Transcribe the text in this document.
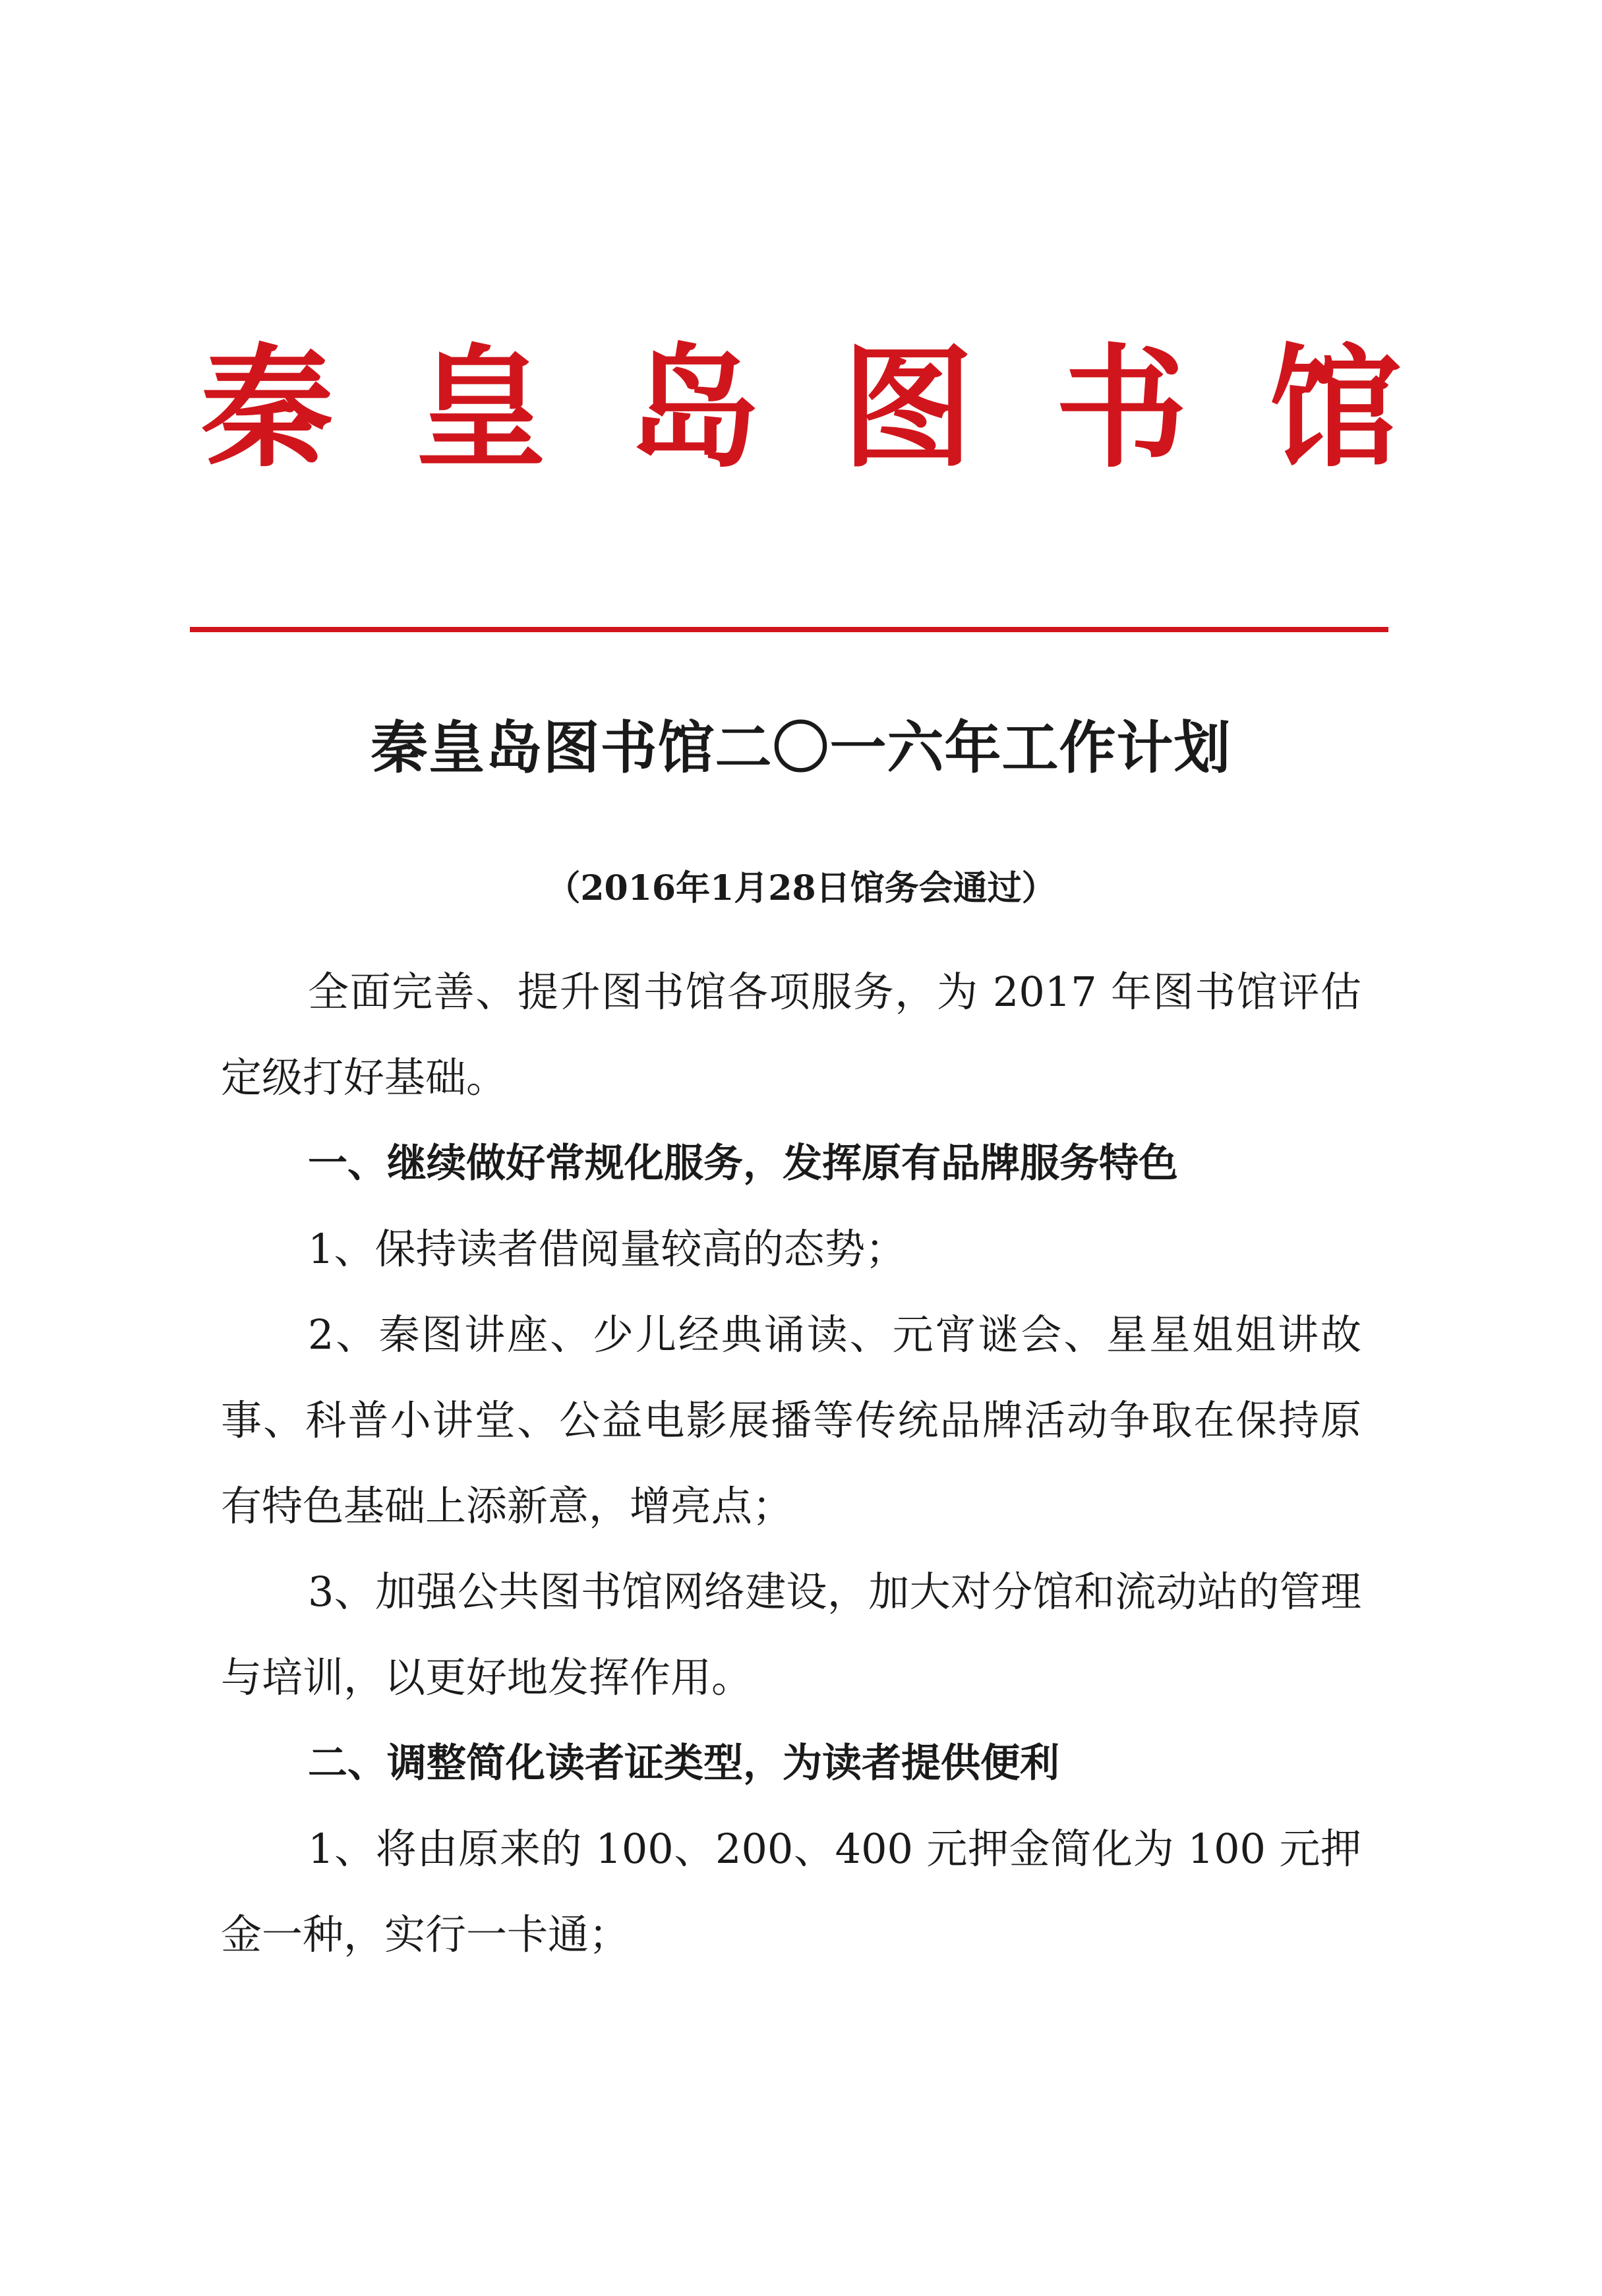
秦 皇 岛 图 书 馆
秦皇岛图书馆二〇一六年工作计划
（2016年1月28日馆务会通过）

全面完善、提升图书馆各项服务，为 2017 年图书馆评估定级打好基础。

一、继续做好常规化服务，发挥原有品牌服务特色

1、保持读者借阅量较高的态势；

2、秦图讲座、少儿经典诵读、元宵谜会、星星姐姐讲故事、科普小讲堂、公益电影展播等传统品牌活动争取在保持原有特色基础上添新意，增亮点；

3、加强公共图书馆网络建设，加大对分馆和流动站的管理与培训，以更好地发挥作用。

二、调整简化读者证类型，为读者提供便利

1、将由原来的 100、200、400 元押金简化为 100 元押金一种，实行一卡通；
